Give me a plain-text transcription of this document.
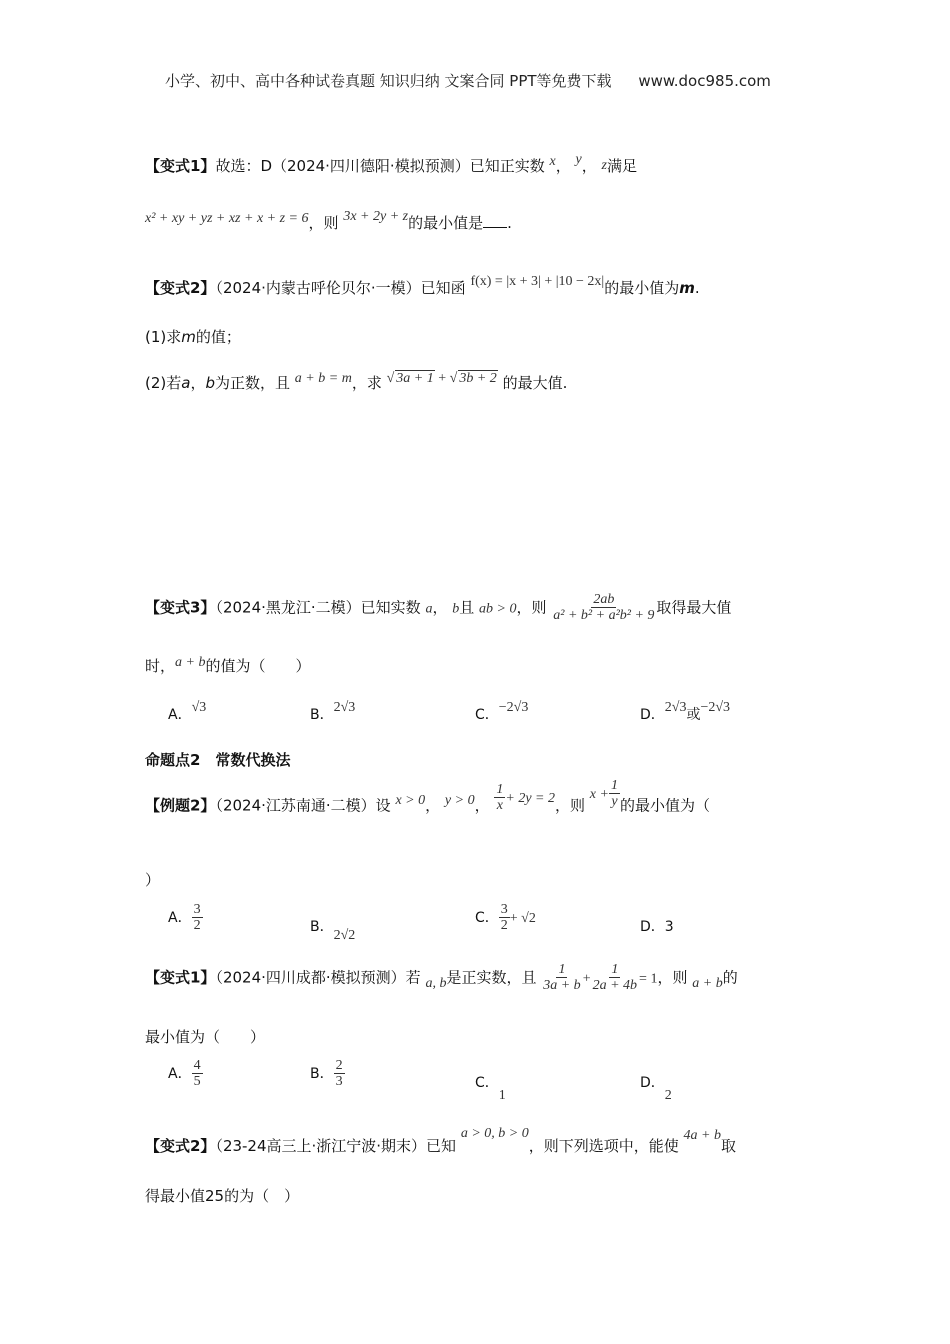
小学、初中、高中各种试卷真题 知识归纳 文案合同 PPT等免费下载 www.doc985.com
【变式1】故选：D（2024·四川德阳·模拟预测）已知正实数 x， y， z满足
x² + xy + yz + xz + x + z = 6，则 3x + 2y + z的最小值是 .
【变式2】（2024·内蒙古呼伦贝尔·一模）已知函 f(x) = |x + 3| + |10 − 2x|的最小值为m.
(1)求m的值；
(2)若a，b为正数，且 a + b = m，求 √ 3a + 1 + √ 3b + 2 的最大值.
【变式3】（2024·黑龙江·二模）已知实数 a， b且 ab > 0，则 $\frac{2ab}{\text{a² + b² + a²b² + 9}}$ 取得最大值
时，a + b的值为（　　）
A．√3	B．2√3	C．−2√3	D．2√3或−2√3
命题点2　常数代换法
【例题2】（2024·江苏南通·二模）设 x > 0， y > 0， $\frac{1}{x} + 2y = 2$，则 $x + \frac{1}{y}$ 的最小值为（
）
A． $\frac{3}{2}$	B．2√2
C． $\frac{3}{2} + √2$
D．3
【变式1】（2024·四川成都·模拟预测）若 a, b是正实数，且 $\frac{1}{3a + b} + \frac{1}{2a + 4b} = 1$，则 a + b的
最小值为（　　）
A． $\frac{4}{5}$	B． $\frac{2}{3}$	C．1
D．2
【变式2】（23-24高三上·浙江宁波·期末）已知 a > 0, b > 0，则下列选项中，能使 4a + b取
得最小值25的为（　）
